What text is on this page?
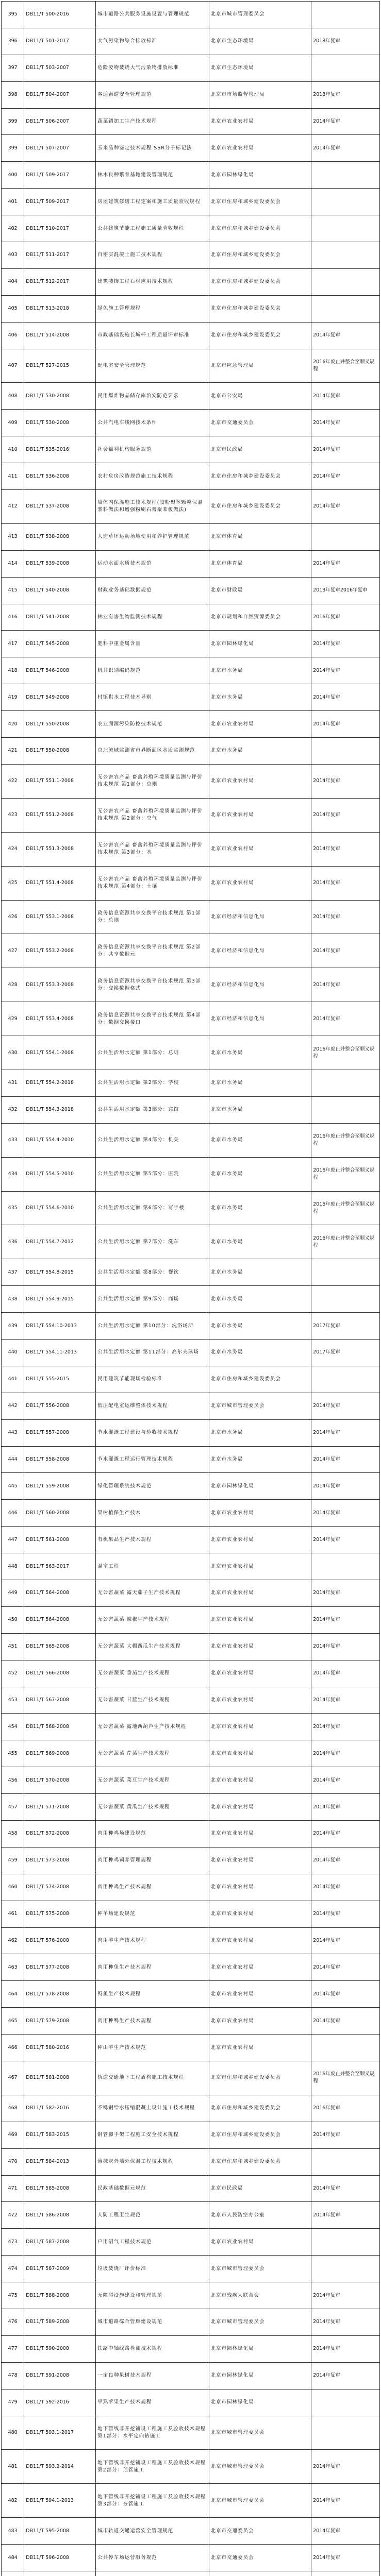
395	DB11/T 500-2016	城市道路公共服务设施设置与管理规范	北京市城市管理委员会	
396	DB11/T 501-2017	大气污染物综合排放标准	北京市生态环境局	2018年复审
397	DB11/T 503-2007	危险废物焚烧大气污染物排放标准	北京市生态环境局	
398	DB11/T 504-2007	客运索道安全管理规范	北京市市场监督管理局	2018年复审
399	DB11/T 506-2007	蔬菜初加工生产技术规程	北京市农业农村局	2014年复审
399	DB11/T 507-2007	玉米品种鉴定技术规程 SSR分子标记法	北京市农业农村局	2014年复审
400	DB11/T 509-2017	林木良种繁育基地建设管理规范	北京市园林绿化局	
401	DB11/T 509-2017	房屋建筑修缮工程定案和施工质量验收规程	北京市住房和城乡建设委员会	
402	DB11/T 510-2017	公共建筑节能工程施工质量验收规程	北京市住房和城乡建设委员会	
403	DB11/T 511-2017	自密实混凝土施工技术规程	北京市住房和城乡建设委员会	
404	DB11/T 512-2017	建筑装饰工程石材应用技术规程	北京市住房和城乡建设委员会	
405	DB11/T 513-2018	绿色施工管理规程	北京市住房和城乡建设委员会	
406	DB11/T 514-2008	市政基础设施长城杯工程质量评审标准	北京市住房和城乡建设委员会	2014年复审
407	DB11/T 527-2015	配电室安全管理规范	北京市应急管理局	2016年废止并整合至顺义规程
408	DB11/T 530-2008	民用爆炸物品储存库治安防范要求	北京市公安局	2014年复审
409	DB11/T 530-2008	公共汽电车线网技术条件	北京市交通委员会	2014年复审
410	DB11/T 535-2016	社会福利机构服务规范	北京市民政局	2014年复审
411	DB11/T 536-2008	农村危房改造规范施工技术规程	北京市住房和城乡建设委员会	2014年复审
412	DB11/T 537-2008	墙体内保温施工技术规程(胶粉聚苯颗粒保温浆料做法和增强粉刷石膏聚苯板做法)	北京市住房和城乡建设委员会	2014年复审
413	DB11/T 538-2008	人造草坪运动场地使用和养护管理规范	北京市体育局	
414	DB11/T 539-2008	运动水面水质技术规范	北京市体育局	2014年复审
415	DB11/T 540-2008	财政业务基础数据规范	北京市财政局	2013年复审2016年复审
416	DB11/T 541-2008	林业有害生物监测技术规程	北京市规划和自然资源委员会	2016年复审
417	DB11/T 545-2008	肥料中重金属含量	北京市园林绿化局	2014年复审
418	DB11/T 546-2008	机井识别编码规范	北京市水务局	2014年复审
419	DB11/T 549-2008	村镇供水工程技术导则	北京市水务局	2014年复审
420	DB11/T 550-2008	农业面源污染防控技术规范	北京市农业农村局	2014年复审
421	DB11/T 550-2008	京北流域监测省市界断面区水质监测规范	北京市水务局	
422	DB11/T 551.1-2008	无公害农产品 畜禽养殖环境质量监测与评价技术规范 第1部分：总则	北京市农业农村局	2014年复审
423	DB11/T 551.2-2008	无公害农产品 畜禽养殖环境质量监测与评价技术规范 第2部分：空气	北京市农业农村局	2014年复审
424	DB11/T 551.3-2008	无公害农产品 畜禽养殖环境质量监测与评价技术规范 第3部分：水	北京市农业农村局	2014年复审
425	DB11/T 551.4-2008	无公害农产品 畜禽养殖环境质量监测与评价技术规范 第4部分：土壤	北京市农业农村局	2014年复审
426	DB11/T 553.1-2008	政务信息资源共享交换平台技术规范 第1部分：总则	北京市经济和信息化局	2014年复审
427	DB11/T 553.2-2008	政务信息资源共享交换平台技术规范 第2部分：共享数据元	北京市经济和信息化局	2014年复审
428	DB11/T 553.3-2008	政务信息资源共享交换平台技术规范 第3部分：交换数据格式	北京市经济和信息化局	2014年复审
429	DB11/T 553.4-2008	政务信息资源共享交换平台技术规范 第4部分：数据交换接口	北京市经济和信息化局	2014年复审
430	DB11/T 554.1-2008	公共生活用水定额 第1部分：总则	北京市水务局	2016年废止并整合至顺义规程
431	DB11/T 554.2-2018	公共生活用水定额 第2部分：学校	北京市水务局	
432	DB11/T 554.3-2018	公共生活用水定额 第3部分：宾馆	北京市水务局	
433	DB11/T 554.4-2010	公共生活用水定额 第4部分：机关	北京市水务局	2016年废止并整合至顺义规程
434	DB11/T 554.5-2010	公共生活用水定额 第5部分：医院	北京市水务局	2016年废止并整合至顺义规程
435	DB11/T 554.6-2010	公共生活用水定额 第6部分：写字楼	北京市水务局	2016年废止并整合至顺义规程
436	DB11/T 554.7-2012	公共生活用水定额 第7部分：洗车	北京市水务局	2016年废止并整合至顺义规程
437	DB11/T 554.8-2015	公共生活用水定额 第8部分：餐饮	北京市水务局	
438	DB11/T 554.9-2015	公共生活用水定额 第9部分：商场	北京市水务局	
439	DB11/T 554.10-2013	公共生活用水定额 第10部分：洗浴场所	北京市水务局	2017年复审
440	DB11/T 554.11-2013	公共生活用水定额 第11部分：高尔夫球场	北京市水务局	2017年复审
441	DB11/T 555-2015	民用建筑节能现场检验标准	北京市住房和城乡建设委员会	
442	DB11/T 556-2008	低压配电室运维整体技术规程	北京市城市管理委员会	2014年复审
443	DB11/T 557-2008	节水灌溉工程建设与验收技术规程	北京市水务局	2014年复审
444	DB11/T 558-2008	节水灌溉工程运行管理技术规程	北京市水务局	2014年复审
445	DB11/T 559-2008	绿化管理系统技术规范	北京市园林绿化局	2014年复审
446	DB11/T 560-2008	果树植保生产技术	北京市农业农村局	2014年复审
447	DB11/T 561-2008	有机果品生产技术规程	北京市农业农村局	2014年复审
448	DB11/T 563-2017	温室工程	北京市农业农村局	
449	DB11/T 564-2008	无公害蔬菜 露天茄子生产技术规程	北京市农业农村局	2014年复审
450	DB11/T 564-2008	无公害蔬菜 辣椒生产技术规程	北京市农业农村局	2014年复审
451	DB11/T 565-2008	无公害蔬菜 大棚西瓜生产技术规程	北京市农业农村局	2014年复审
452	DB11/T 566-2008	无公害蔬菜 番茄生产技术规程	北京市农业农村局	2014年复审
453	DB11/T 567-2008	无公害蔬菜 甘蓝生产技术规程	北京市农业农村局	2014年复审
454	DB11/T 568-2008	无公害蔬菜 露地西葫芦生产技术规程	北京市农业农村局	2014年复审
455	DB11/T 569-2008	无公害蔬菜 芹菜生产技术规程	北京市农业农村局	2014年复审
456	DB11/T 570-2008	无公害蔬菜 菜豆生产技术规程	北京市农业农村局	2014年复审
457	DB11/T 571-2008	无公害蔬菜 黄瓜生产技术规程	北京市农业农村局	2014年复审
458	DB11/T 572-2008	肉用种鸡场建设规范	北京市农业农村局	2014年复审
459	DB11/T 573-2008	肉用种鸡饲养管理规程	北京市农业农村局	2014年复审
460	DB11/T 574-2008	肉用种鸡生产技术规程	北京市农业农村局	2014年复审
461	DB11/T 575-2008	种羊场建设规范	北京市农业农村局	2014年复审
462	DB11/T 576-2008	肉用羊生产技术规程	北京市农业农村局	2014年复审
463	DB11/T 577-2008	肉用种兔生产技术规程	北京市农业农村局	2014年复审
464	DB11/T 578-2008	鲟鱼生产技术规程	北京市农业农村局	2014年复审
465	DB11/T 579-2008	肉用种鸭生产技术规程	北京市农业农村局	2014年复审
466	DB11/T 580-2016	种山羊生产技术规范	北京市农业农村局	
467	DB11/T 581-2008	轨道交通地下工程盾构施工技术规程	北京市住房和城乡建设委员会	2016年废止并整合至顺义规程
468	DB11/T 582-2016	不锈钢给水压缩混凝土设计施工技术规程	北京市住房和城乡建设委员会	2016年复审
469	DB11/T 583-2015	钢管脚手架工程施工安全技术规程	北京市住房和城乡建设委员会	2014年复审
470	DB11/T 584-2013	薄抹灰外墙外保温工程技术规程	北京市住房和城乡建设委员会	
471	DB11/T 585-2008	民政基础数据元规范	北京市民政局	2014年复审
472	DB11/T 586-2008	人防工程卫生规范	北京市人民防空办公室	2014年复审
473	DB11/T 587-2008	户用沼气工程技术规范	北京市农业农村局	
474	DB11/T 587-2009	垃圾焚烧厂评价标准	北京市城市管理委员会	
475	DB11/T 588-2008	无障碍设施建设和管理规范	北京市残疾人联合会	2014年复审
476	DB11/T 589-2008	城市道路综合管廊建设规范	北京市城市管理委员会	2014年复审
477	DB11/T 590-2008	铁路中轴线路检测技术规程	北京市园林绿化局	2014年复审
478	DB11/T 591-2008	一亩良种果树技术规程	北京市园林绿化局	2014年复审
479	DB11/T 592-2016	早熟苹果生产技术规程	北京市园林绿化局	
480	DB11/T 593.1-2017	地下管线非开挖铺设工程施工及验收技术规程 第1部分：水平定向钻施工	北京市城市管理委员会	
481	DB11/T 593.2-2014	地下管线非开挖铺设工程施工及验收技术规程 第2部分：顶管施工	北京市城市管理委员会	2014年复审
482	DB11/T 594.1-2013	地下管线非开挖铺设工程施工及验收技术规程 第3部分：夯管施工	北京市城市管理委员会	2014年复审
483	DB11/T 595-2008	城市轨道交通运营安全管理规范	北京市交通委员会	2014年复审
484	DB11/T 596-2008	公共停车场运营服务规范	北京市交通委员会	2014年复审
